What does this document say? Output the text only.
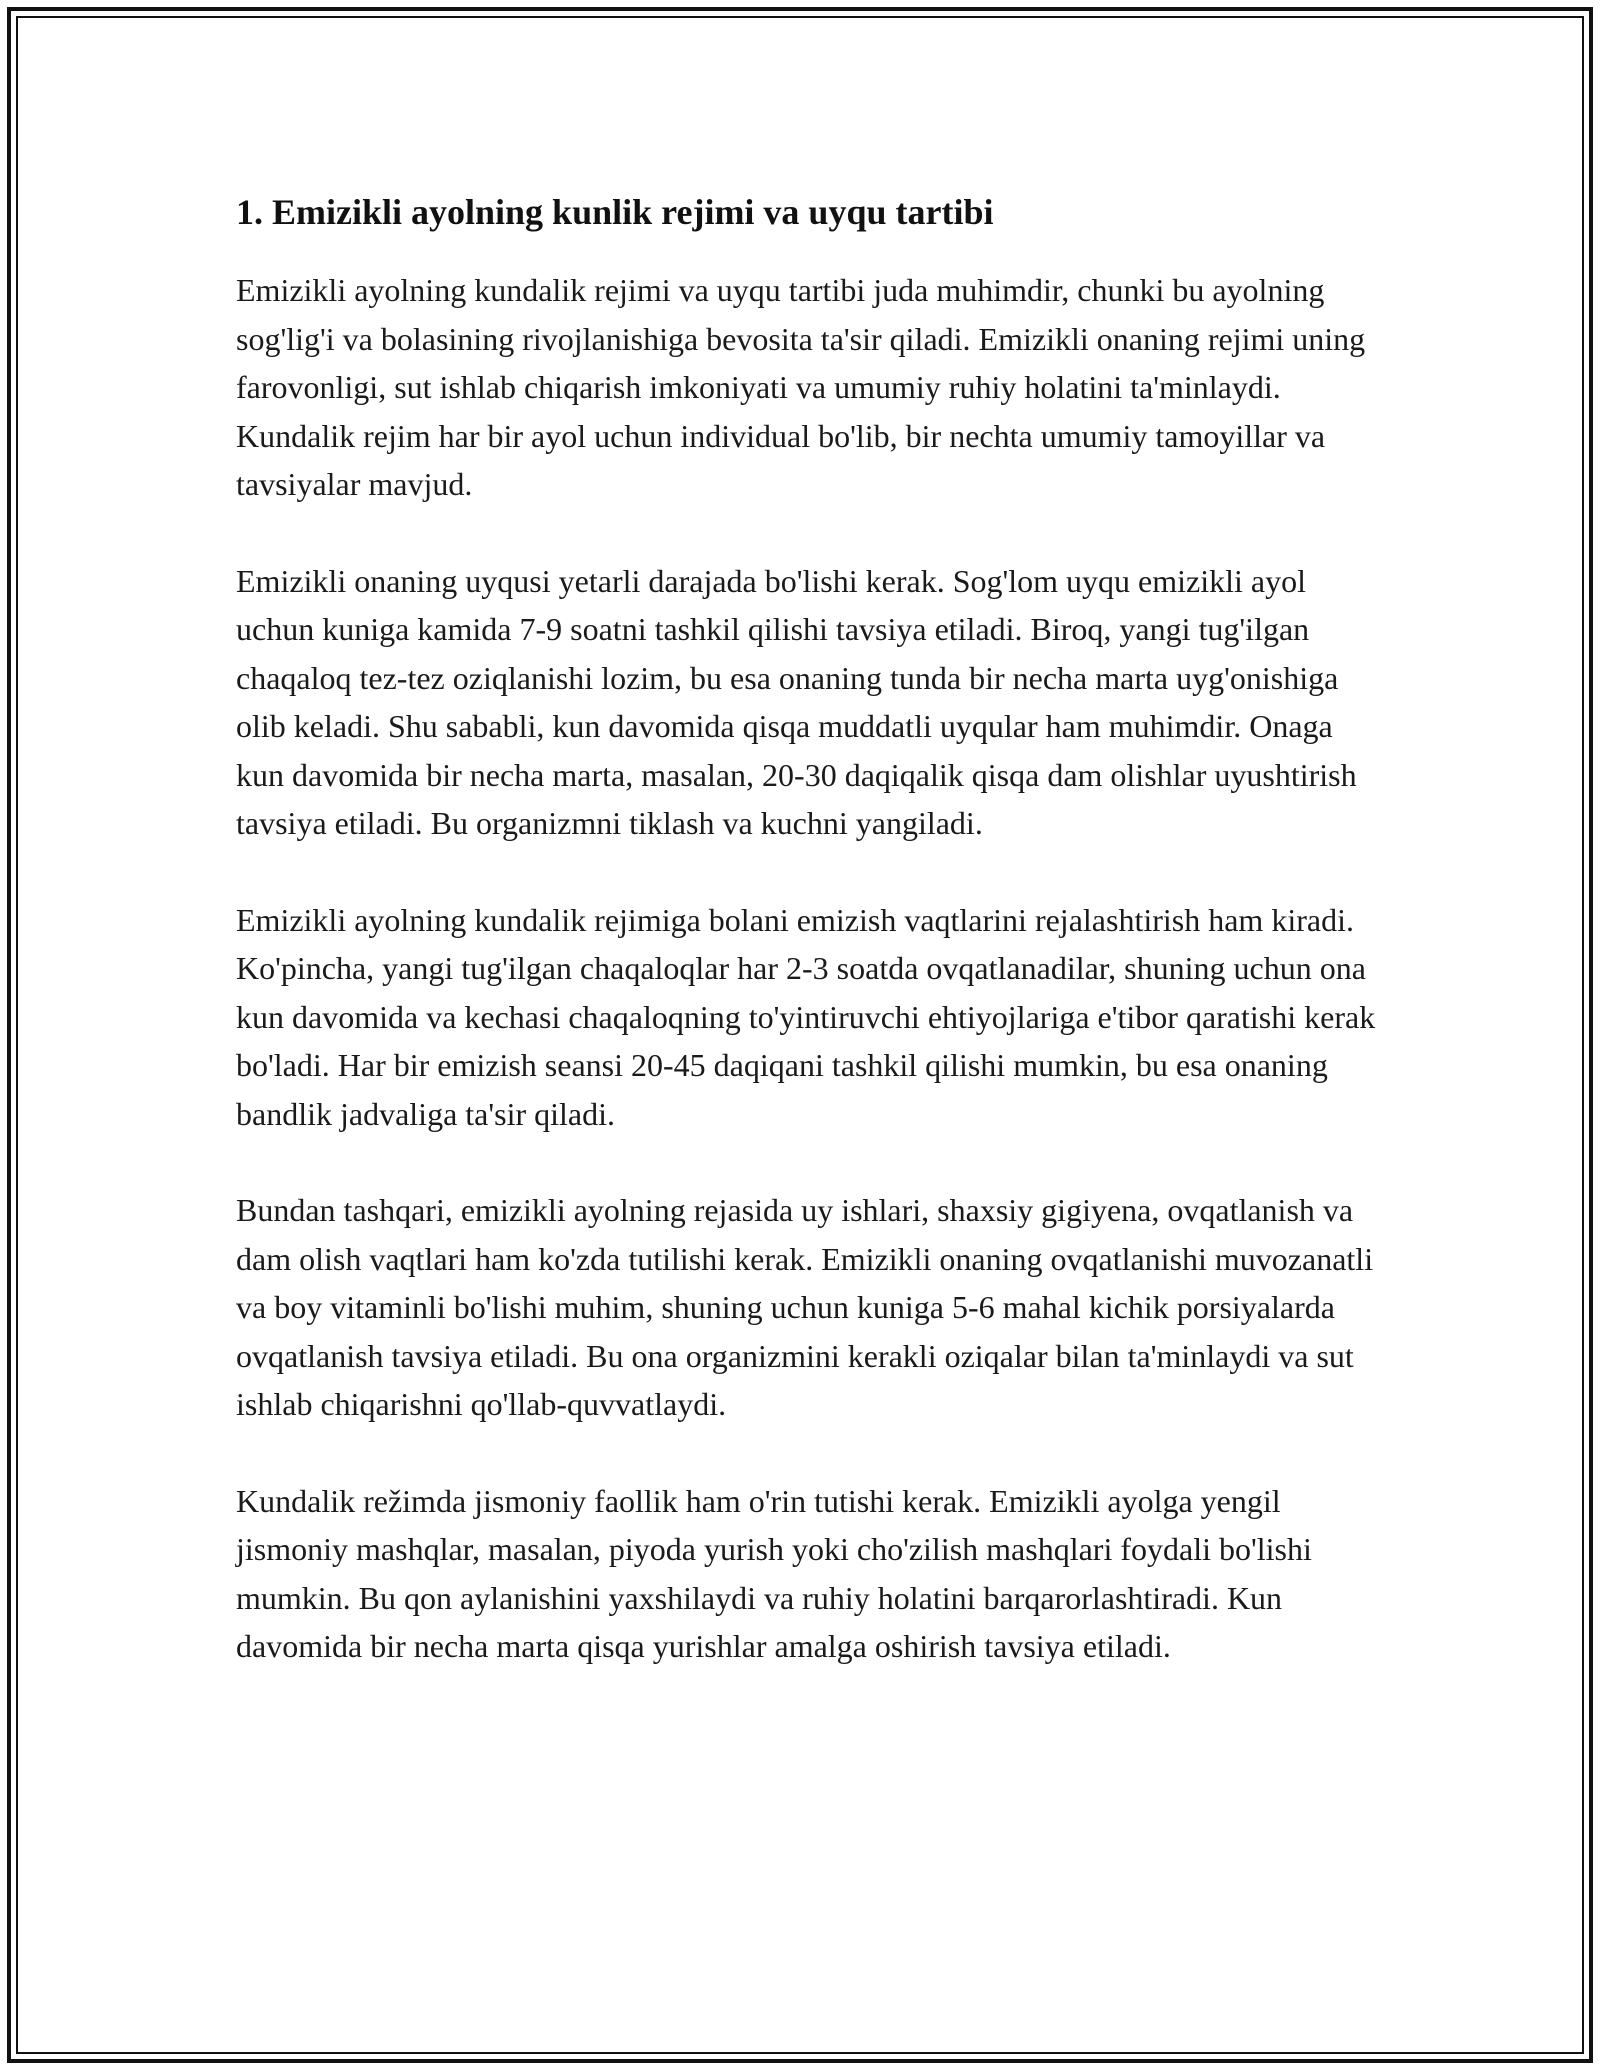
1. Emizikli ayolning kunlik rejimi va uyqu tartibi

Emizikli ayolning kundalik rejimi va uyqu tartibi juda muhimdir, chunki bu ayolning sog'lig'i va bolasining rivojlanishiga bevosita ta'sir qiladi. Emizikli onaning rejimi uning farovonligi, sut ishlab chiqarish imkoniyati va umumiy ruhiy holatini ta'minlaydi. Kundalik rejim har bir ayol uchun individual bo'lib, bir nechta umumiy tamoyillar va tavsiyalar mavjud.

Emizikli onaning uyqusi yetarli darajada bo'lishi kerak. Sog'lom uyqu emizikli ayol uchun kuniga kamida 7-9 soatni tashkil qilishi tavsiya etiladi. Biroq, yangi tug'ilgan chaqaloq tez-tez oziqlanishi lozim, bu esa onaning tunda bir necha marta uyg'onishiga olib keladi. Shu sababli, kun davomida qisqa muddatli uyqular ham muhimdir. Onaga kun davomida bir necha marta, masalan, 20-30 daqiqalik qisqa dam olishlar uyushtirish tavsiya etiladi. Bu organizmni tiklash va kuchni yangiladi.

Emizikli ayolning kundalik rejimiga bolani emizish vaqtlarini rejalashtirish ham kiradi. Ko'pincha, yangi tug'ilgan chaqaloqlar har 2-3 soatda ovqatlanadilar, shuning uchun ona kun davomida va kechasi chaqaloqning to'yintiruvchi ehtiyojlariga e'tibor qaratishi kerak bo'ladi. Har bir emizish seansi 20-45 daqiqani tashkil qilishi mumkin, bu esa onaning bandlik jadvaliga ta'sir qiladi.

Bundan tashqari, emizikli ayolning rejasida uy ishlari, shaxsiy gigiyena, ovqatlanish va dam olish vaqtlari ham ko'zda tutilishi kerak. Emizikli onaning ovqatlanishi muvozanatli va boy vitaminli bo'lishi muhim, shuning uchun kuniga 5-6 mahal kichik porsiyalarda ovqatlanish tavsiya etiladi. Bu ona organizmini kerakli oziqalar bilan ta'minlaydi va sut ishlab chiqarishni qo'llab-quvvatlaydi.

Kundalik režimda jismoniy faollik ham o'rin tutishi kerak. Emizikli ayolga yengil jismoniy mashqlar, masalan, piyoda yurish yoki cho'zilish mashqlari foydali bo'lishi mumkin. Bu qon aylanishini yaxshilaydi va ruhiy holatini barqarorlashtiradi. Kun davomida bir necha marta qisqa yurishlar amalga oshirish tavsiya etiladi.
